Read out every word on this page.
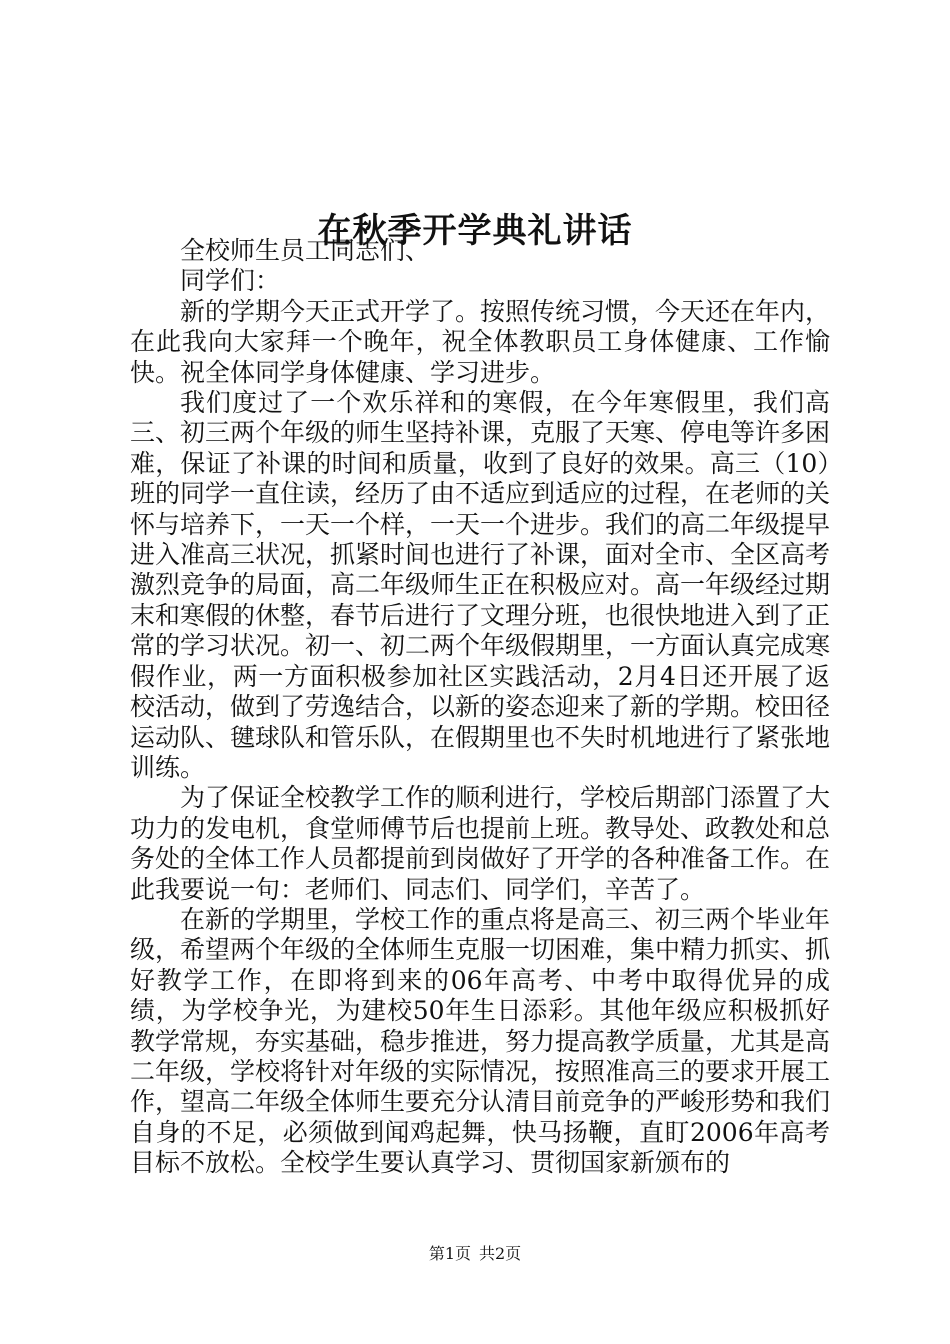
在秋季开学典礼讲话

全校师生员工同志们、

同学们：

新的学期今天正式开学了。按照传统习惯，今天还在年内，在此我向大家拜一个晚年，祝全体教职员工身体健康、工作愉快。祝全体同学身体健康、学习进步。

我们度过了一个欢乐祥和的寒假，在今年寒假里，我们高三、初三两个年级的师生坚持补课，克服了天寒、停电等许多困难，保证了补课的时间和质量，收到了良好的效果。高三（10）班的同学一直住读，经历了由不适应到适应的过程，在老师的关怀与培养下，一天一个样，一天一个进步。我们的高二年级提早进入准高三状况，抓紧时间也进行了补课，面对全市、全区高考激烈竞争的局面，高二年级师生正在积极应对。高一年级经过期末和寒假的休整，春节后进行了文理分班，也很快地进入到了正常的学习状况。初一、初二两个年级假期里，一方面认真完成寒假作业，两一方面积极参加社区实践活动，2月4日还开展了返校活动，做到了劳逸结合，以新的姿态迎来了新的学期。校田径运动队、毽球队和管乐队，在假期里也不失时机地进行了紧张地训练。

为了保证全校教学工作的顺利进行，学校后期部门添置了大功力的发电机，食堂师傅节后也提前上班。教导处、政教处和总务处的全体工作人员都提前到岗做好了开学的各种准备工作。在此我要说一句：老师们、同志们、同学们，辛苦了。

在新的学期里，学校工作的重点将是高三、初三两个毕业年级，希望两个年级的全体师生克服一切困难，集中精力抓实、抓好教学工作，在即将到来的06年高考、中考中取得优异的成绩，为学校争光，为建校50年生日添彩。其他年级应积极抓好教学常规，夯实基础，稳步推进，努力提高教学质量，尤其是高二年级，学校将针对年级的实际情况，按照准高三的要求开展工作，望高二年级全体师生要充分认清目前竞争的严峻形势和我们自身的不足，必须做到闻鸡起舞，快马扬鞭，直盯2006年高考目标不放松。全校学生要认真学习、贯彻国家新颁布的

第1页 共2页
